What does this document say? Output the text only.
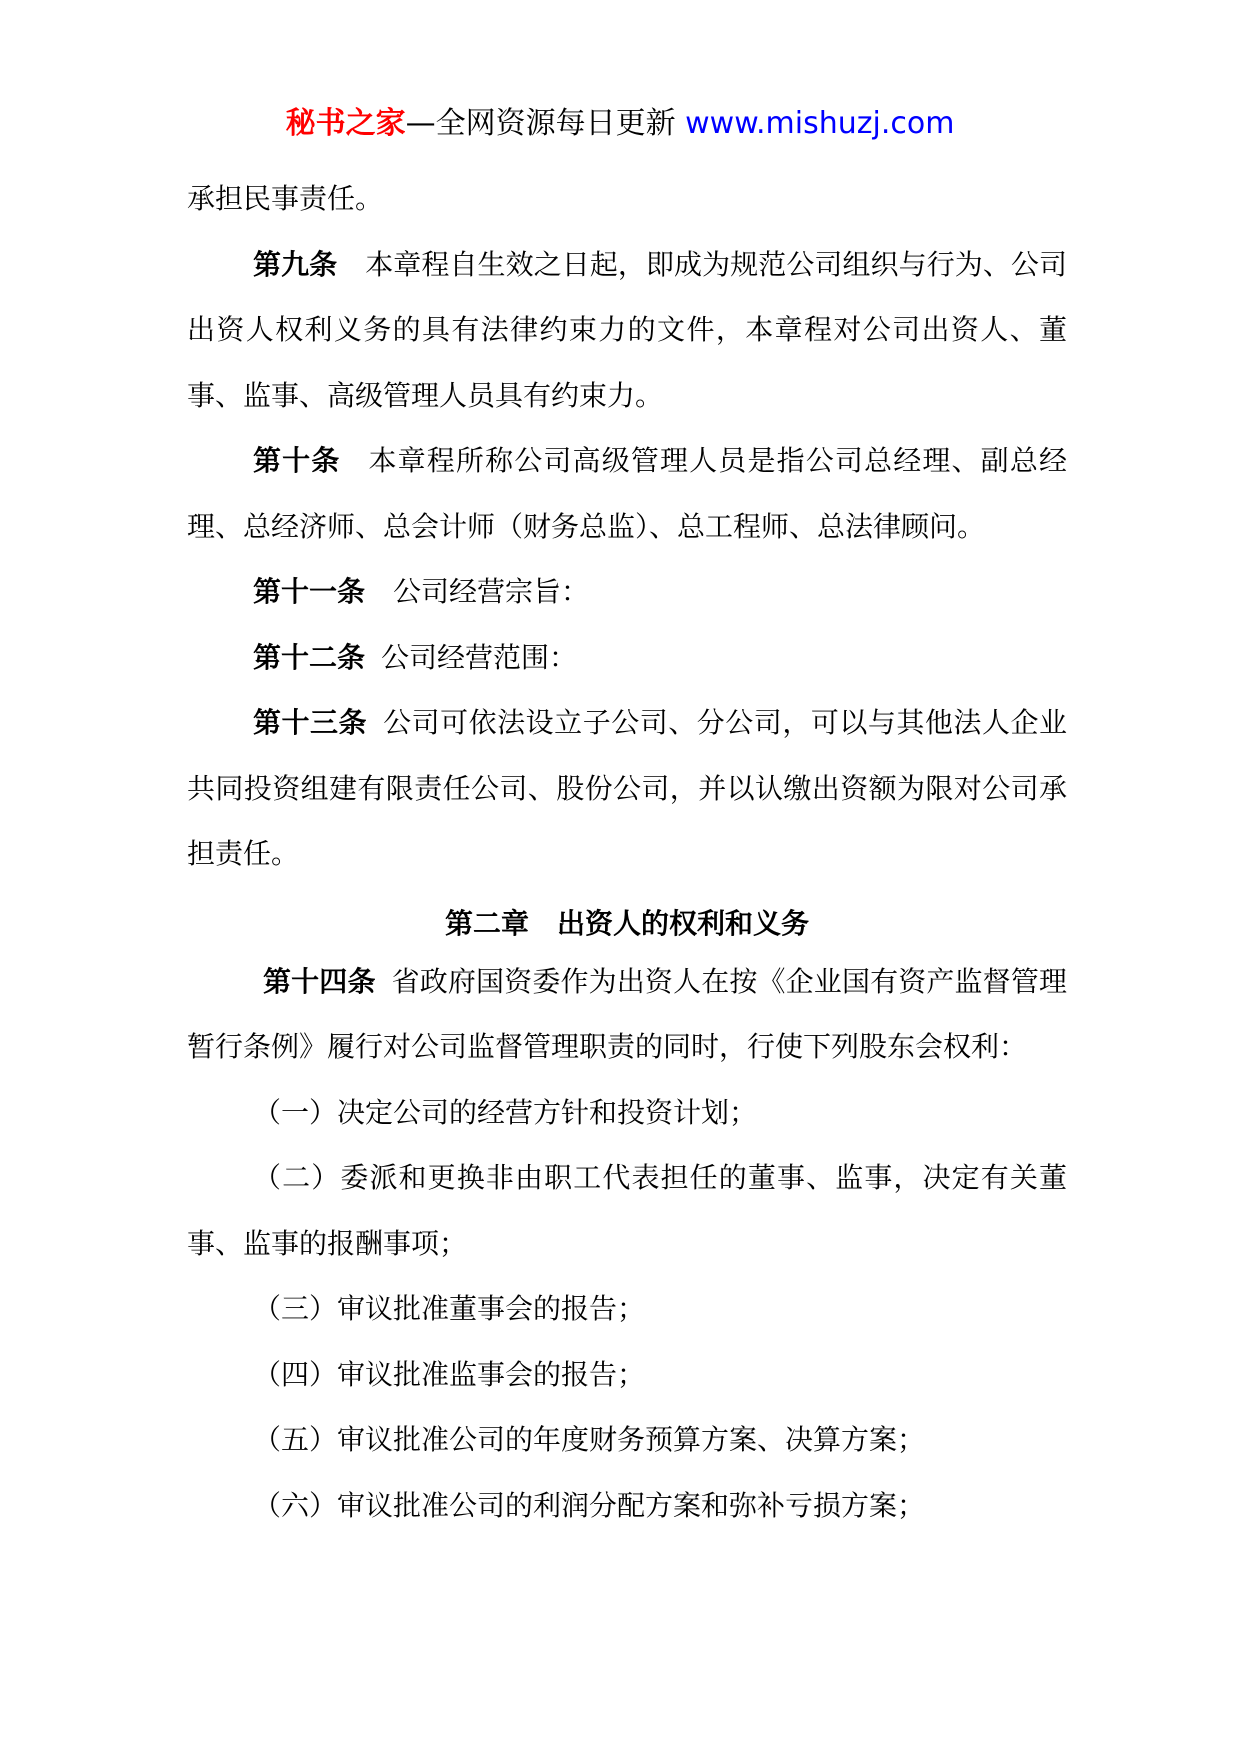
秘书之家—全网资源每日更新 www.mishuzj.com

承担民事责任。

第九条 本章程自生效之日起，即成为规范公司组织与行为、公司出资人权利义务的具有法律约束力的文件，本章程对公司出资人、董事、监事、高级管理人员具有约束力。

第十条 本章程所称公司高级管理人员是指公司总经理、副总经理、总经济师、总会计师（财务总监）、总工程师、总法律顾问。

第十一条 公司经营宗旨：

第十二条 公司经营范围：

第十三条 公司可依法设立子公司、分公司，可以与其他法人企业共同投资组建有限责任公司、股份公司，并以认缴出资额为限对公司承担责任。

第二章 出资人的权利和义务

第十四条 省政府国资委作为出资人在按《企业国有资产监督管理暂行条例》履行对公司监督管理职责的同时，行使下列股东会权利：

（一）决定公司的经营方针和投资计划；

（二）委派和更换非由职工代表担任的董事、监事，决定有关董事、监事的报酬事项；

（三）审议批准董事会的报告；

（四）审议批准监事会的报告；

（五）审议批准公司的年度财务预算方案、决算方案；

（六）审议批准公司的利润分配方案和弥补亏损方案；
